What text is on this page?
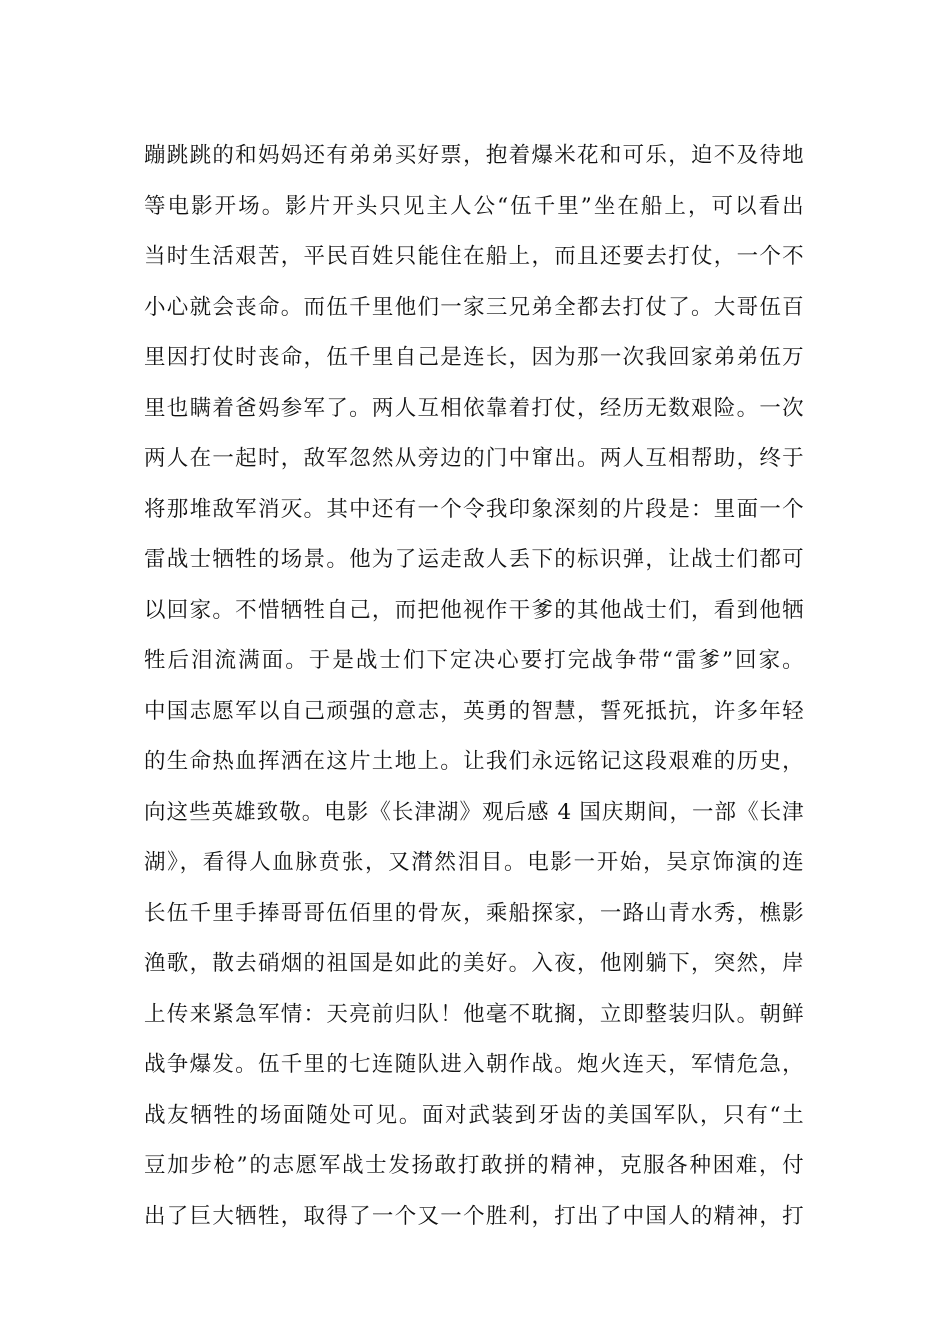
蹦跳跳的和妈妈还有弟弟买好票，抱着爆米花和可乐，迫不及待地
等电影开场。影片开头只见主人公“伍千里”坐在船上，可以看出
当时生活艰苦，平民百姓只能住在船上，而且还要去打仗，一个不
小心就会丧命。而伍千里他们一家三兄弟全都去打仗了。大哥伍百
里因打仗时丧命，伍千里自己是连长，因为那一次我回家弟弟伍万
里也瞒着爸妈参军了。两人互相依靠着打仗，经历无数艰险。一次
两人在一起时，敌军忽然从旁边的门中窜出。两人互相帮助，终于
将那堆敌军消灭。其中还有一个令我印象深刻的片段是：里面一个
雷战士牺牲的场景。他为了运走敌人丢下的标识弹，让战士们都可
以回家。不惜牺牲自己，而把他视作干爹的其他战士们，看到他牺
牲后泪流满面。于是战士们下定决心要打完战争带“雷爹”回家。
中国志愿军以自己顽强的意志，英勇的智慧，誓死抵抗，许多年轻
的生命热血挥洒在这片土地上。让我们永远铭记这段艰难的历史，
向这些英雄致敬。电影《长津湖》观后感 4 国庆期间，一部《长津
湖》，看得人血脉贲张，又潸然泪目。电影一开始，吴京饰演的连
长伍千里手捧哥哥伍佰里的骨灰，乘船探家，一路山青水秀，樵影
渔歌，散去硝烟的祖国是如此的美好。入夜，他刚躺下，突然，岸
上传来紧急军情：天亮前归队！他毫不耽搁，立即整装归队。朝鲜
战争爆发。伍千里的七连随队进入朝作战。炮火连天，军情危急，
战友牺牲的场面随处可见。面对武装到牙齿的美国军队，只有“土
豆加步枪”的志愿军战士发扬敢打敢拼的精神，克服各种困难，付
出了巨大牺牲，取得了一个又一个胜利，打出了中国人的精神，打
